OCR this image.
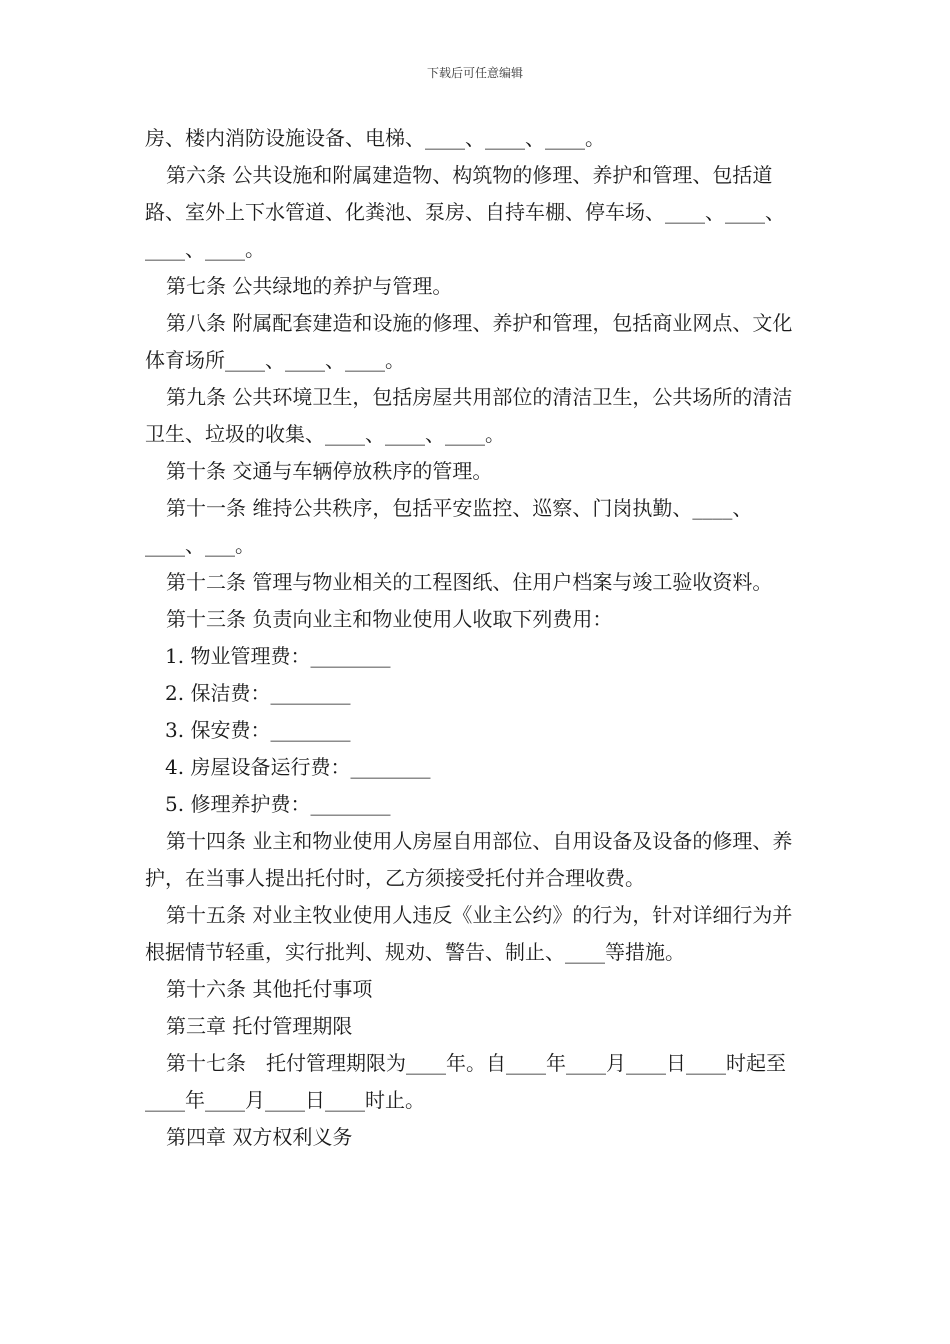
下载后可任意编辑

房、楼内消防设施设备、电梯、____、____、____。

第六条 公共设施和附属建造物、构筑物的修理、养护和管理、包括道路、室外上下水管道、化粪池、泵房、自持车棚、停车场、____、____、____、____。

第七条 公共绿地的养护与管理。

第八条 附属配套建造和设施的修理、养护和管理，包括商业网点、文化体育场所____、____、____。

第九条 公共环境卫生，包括房屋共用部位的清洁卫生，公共场所的清洁卫生、垃圾的收集、____、____、____。

第十条 交通与车辆停放秩序的管理。

第十一条 维持公共秩序，包括平安监控、巡察、门岗执勤、____、____、___。

第十二条 管理与物业相关的工程图纸、住用户档案与竣工验收资料。

第十三条 负责向业主和物业使用人收取下列费用：

1. 物业管理费：________

2. 保洁费：________

3. 保安费：________

4. 房屋设备运行费：________

5. 修理养护费：________

第十四条 业主和物业使用人房屋自用部位、自用设备及设备的修理、养护，在当事人提出托付时，乙方须接受托付并合理收费。

第十五条 对业主牧业使用人违反《业主公约》的行为，针对详细行为并根据情节轻重，实行批判、规劝、警告、制止、____等措施。

第十六条 其他托付事项

第三章 托付管理期限

第十七条　托付管理期限为____年。自____年____月____日____时起至____年____月____日____时止。

第四章 双方权利义务
